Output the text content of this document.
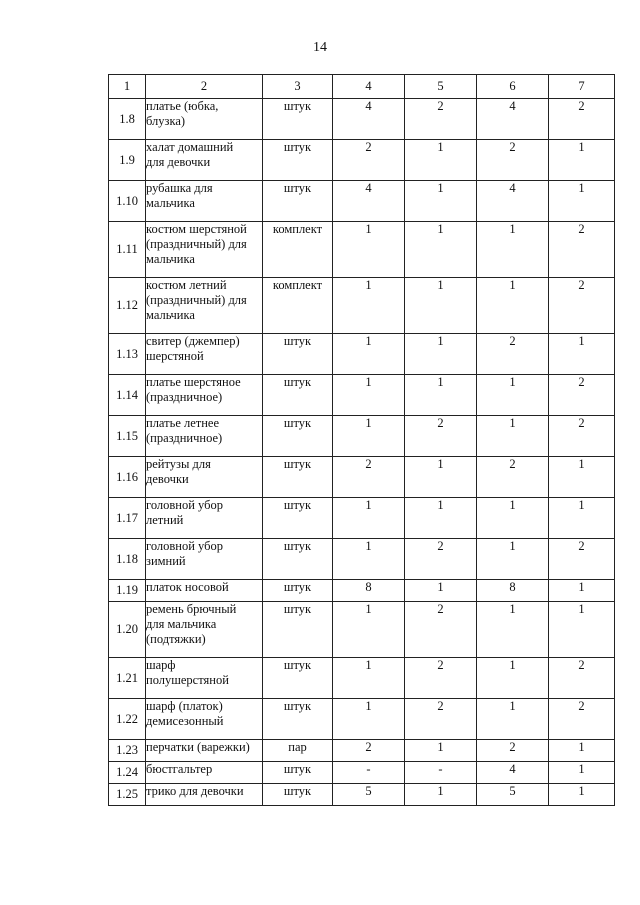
14
1	2	3	4	5	6	7
1.8	платье (юбка,
блузка)	штук	4	2	4	2
1.9	халат домашний
для девочки	штук	2	1	2	1
1.10	рубашка для
мальчика	штук	4	1	4	1
1.11	костюм шерстяной
(праздничный) для
мальчика	комплект	1	1	1	2
1.12	костюм летний
(праздничный) для
мальчика	комплект	1	1	1	2
1.13	свитер (джемпер)
шерстяной	штук	1	1	2	1
1.14	платье шерстяное
(праздничное)	штук	1	1	1	2
1.15	платье летнее
(праздничное)	штук	1	2	1	2
1.16	рейтузы для
девочки	штук	2	1	2	1
1.17	головной убор
летний	штук	1	1	1	1
1.18	головной убор
зимний	штук	1	2	1	2
1.19	платок носовой	штук	8	1	8	1
1.20	ремень брючный
для мальчика
(подтяжки)	штук	1	2	1	1
1.21	шарф
полушерстяной	штук	1	2	1	2
1.22	шарф (платок)
демисезонный	штук	1	2	1	2
1.23	перчатки (варежки)	пар	2	1	2	1
1.24	бюстгальтер	штук	-	-	4	1
1.25	трико для девочки	штук	5	1	5	1
